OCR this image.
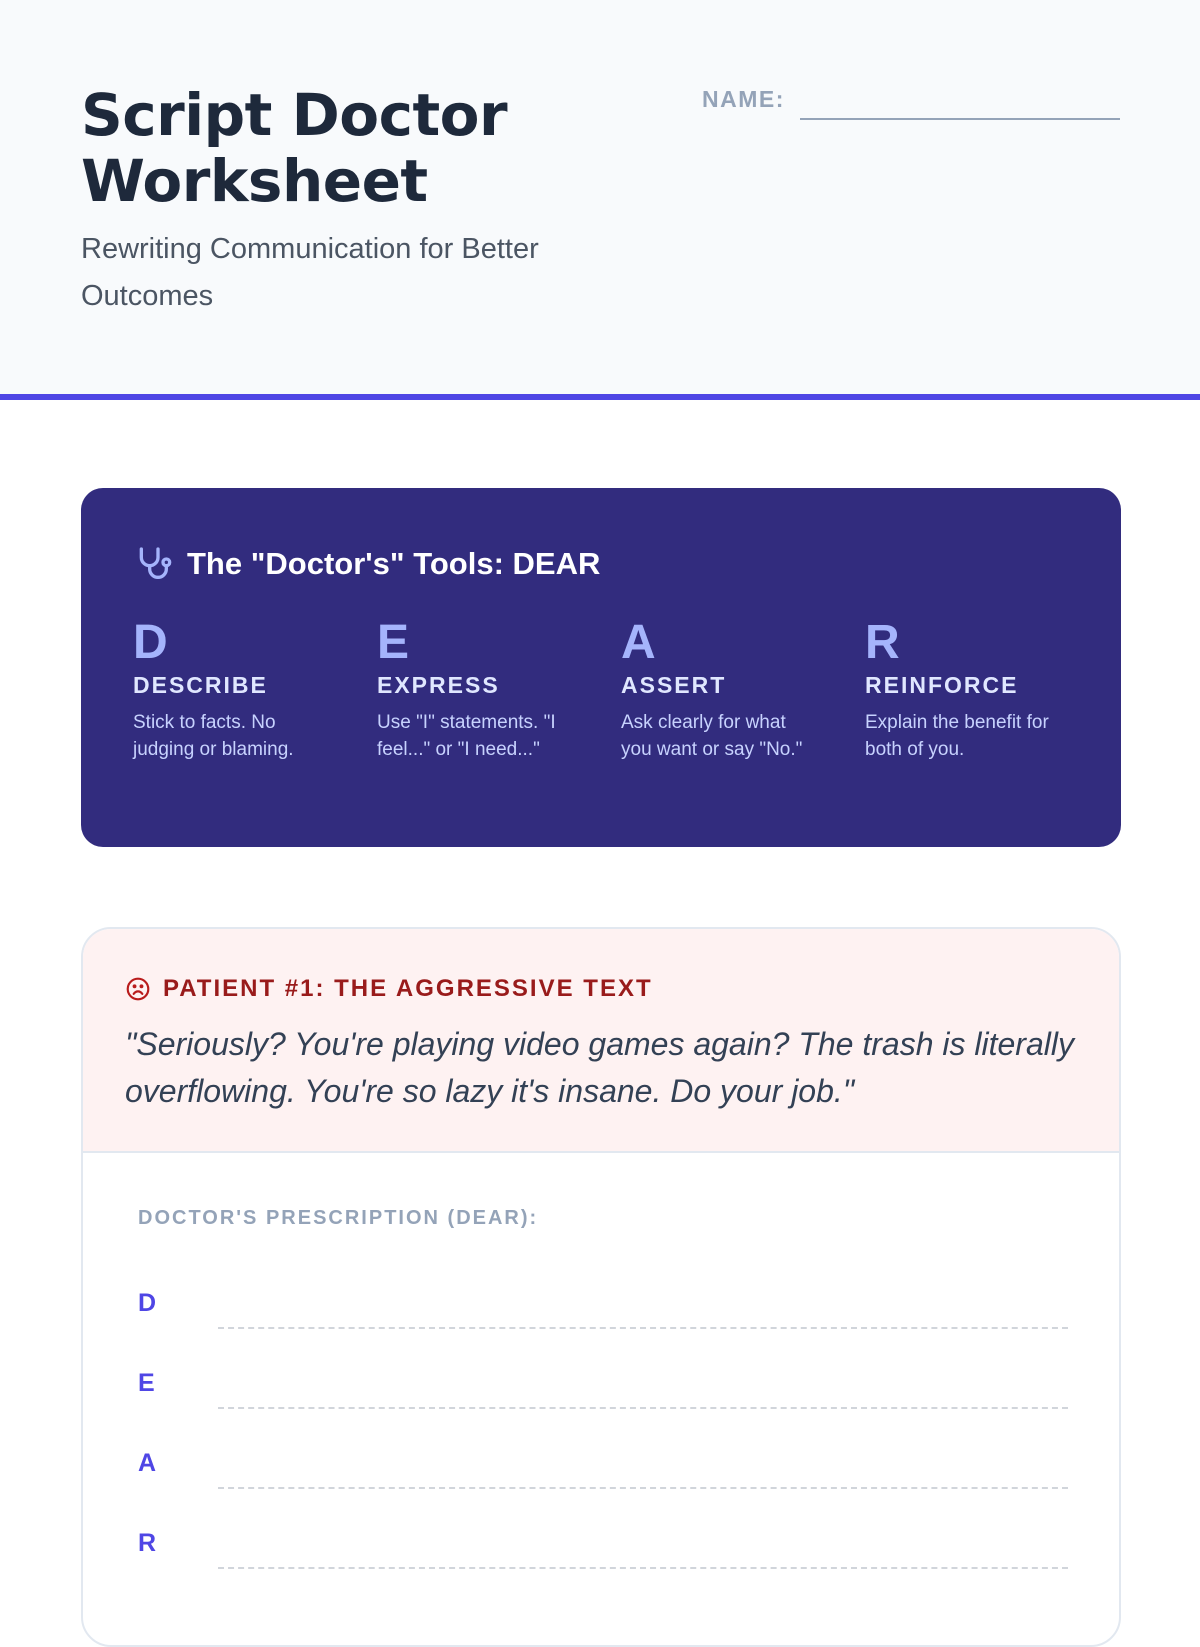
Script Doctor Worksheet
Rewriting Communication for Better Outcomes
NAME:
The "Doctor's" Tools: DEAR
D
DESCRIBE
Stick to facts. No judging or blaming.
E
EXPRESS
Use "I" statements. "I feel..." or "I need..."
A
ASSERT
Ask clearly for what you want or say "No."
R
REINFORCE
Explain the benefit for both of you.
PATIENT #1: THE AGGRESSIVE TEXT
"Seriously? You're playing video games again? The trash is literally overflowing. You're so lazy it's insane. Do your job."
DOCTOR'S PRESCRIPTION (DEAR):
D
E
A
R
